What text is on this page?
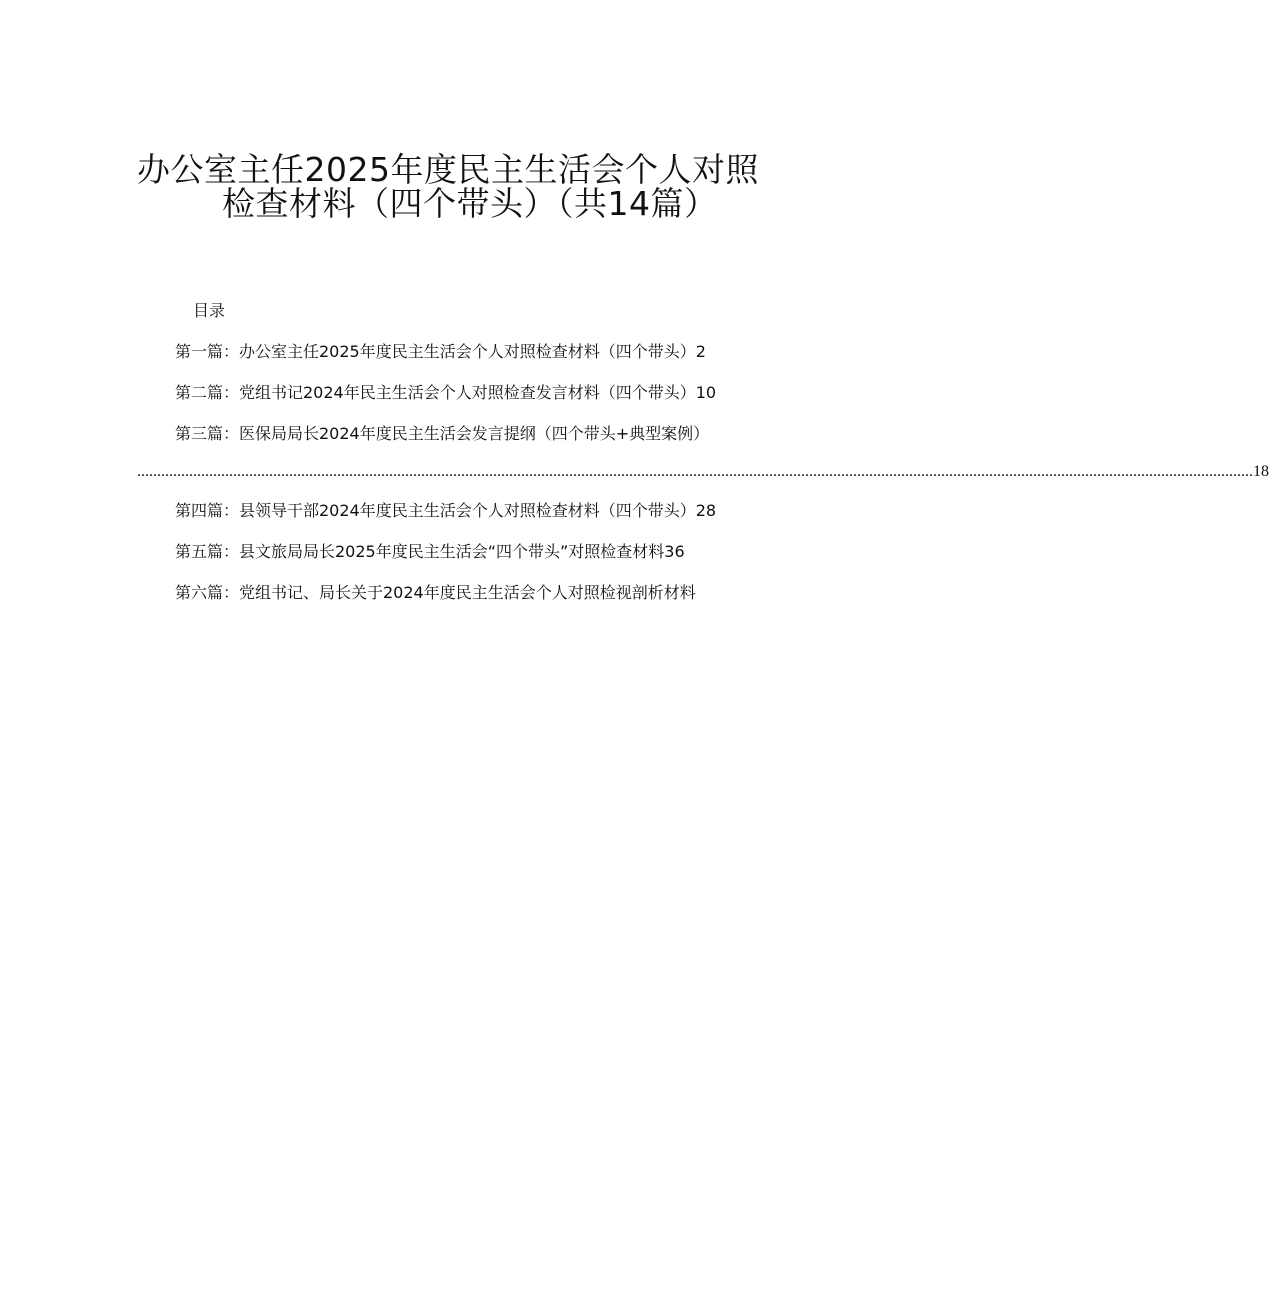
办公室主任2025年度民主生活会个人对照
检查材料（四个带头）（共14篇）
目录
第一篇：办公室主任2025年度民主生活会个人对照检查材料（四个带头）2
第二篇：党组书记2024年民主生活会个人对照检查发言材料（四个带头）10
第三篇：医保局局长2024年度民主生活会发言提纲（四个带头+典型案例）
....................................................................................................................................................................................................................................................................................... 18
第四篇：县领导干部2024年度民主生活会个人对照检查材料（四个带头）28
第五篇：县文旅局局长2025年度民主生活会“四个带头”对照检查材料36
第六篇：党组书记、局长关于2024年度民主生活会个人对照检视剖析材料
